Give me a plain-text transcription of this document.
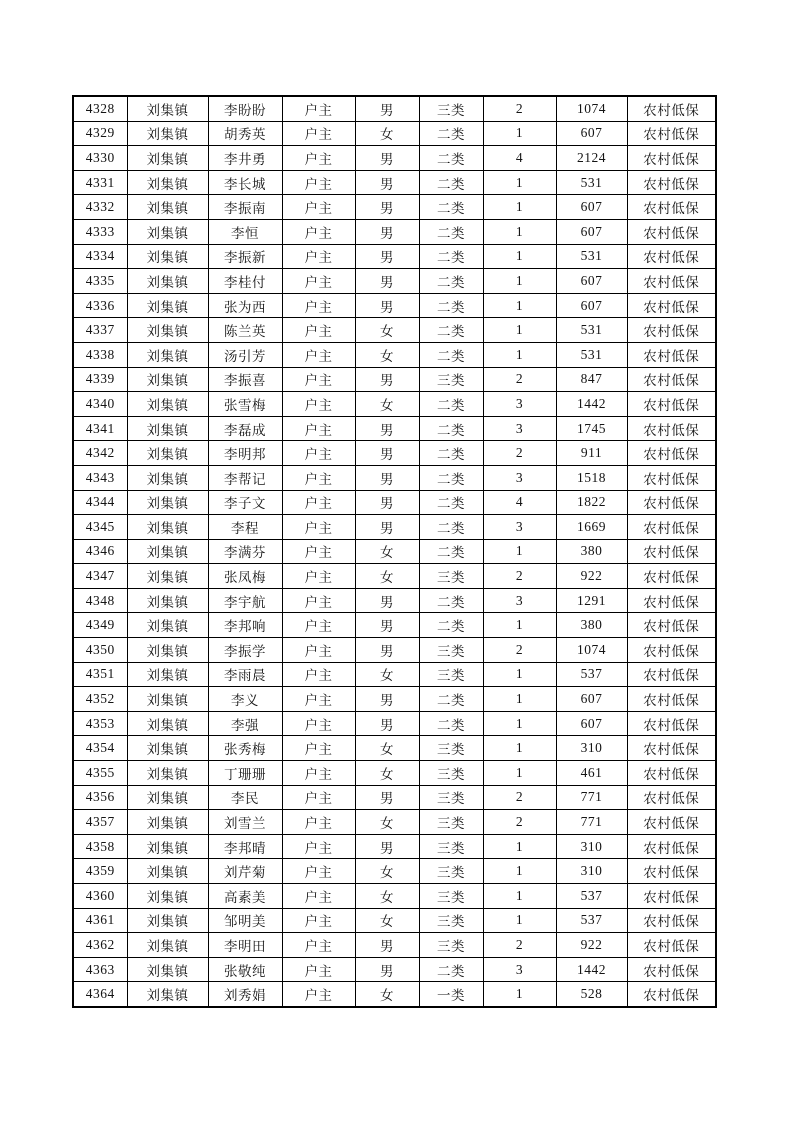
4328	刘集镇	李盼盼	户主	男	三类	2	1074	农村低保
4329	刘集镇	胡秀英	户主	女	二类	1	607	农村低保
4330	刘集镇	李井勇	户主	男	二类	4	2124	农村低保
4331	刘集镇	李长城	户主	男	二类	1	531	农村低保
4332	刘集镇	李振南	户主	男	二类	1	607	农村低保
4333	刘集镇	李恒	户主	男	二类	1	607	农村低保
4334	刘集镇	李振新	户主	男	二类	1	531	农村低保
4335	刘集镇	李桂付	户主	男	二类	1	607	农村低保
4336	刘集镇	张为西	户主	男	二类	1	607	农村低保
4337	刘集镇	陈兰英	户主	女	二类	1	531	农村低保
4338	刘集镇	汤引芳	户主	女	二类	1	531	农村低保
4339	刘集镇	李振喜	户主	男	三类	2	847	农村低保
4340	刘集镇	张雪梅	户主	女	二类	3	1442	农村低保
4341	刘集镇	李磊成	户主	男	二类	3	1745	农村低保
4342	刘集镇	李明邦	户主	男	二类	2	911	农村低保
4343	刘集镇	李帮记	户主	男	二类	3	1518	农村低保
4344	刘集镇	李子文	户主	男	二类	4	1822	农村低保
4345	刘集镇	李程	户主	男	二类	3	1669	农村低保
4346	刘集镇	李满芬	户主	女	二类	1	380	农村低保
4347	刘集镇	张凤梅	户主	女	三类	2	922	农村低保
4348	刘集镇	李宇航	户主	男	二类	3	1291	农村低保
4349	刘集镇	李邦响	户主	男	二类	1	380	农村低保
4350	刘集镇	李振学	户主	男	三类	2	1074	农村低保
4351	刘集镇	李雨晨	户主	女	三类	1	537	农村低保
4352	刘集镇	李义	户主	男	二类	1	607	农村低保
4353	刘集镇	李强	户主	男	二类	1	607	农村低保
4354	刘集镇	张秀梅	户主	女	三类	1	310	农村低保
4355	刘集镇	丁珊珊	户主	女	三类	1	461	农村低保
4356	刘集镇	李民	户主	男	三类	2	771	农村低保
4357	刘集镇	刘雪兰	户主	女	三类	2	771	农村低保
4358	刘集镇	李邦晴	户主	男	三类	1	310	农村低保
4359	刘集镇	刘芹菊	户主	女	三类	1	310	农村低保
4360	刘集镇	高素美	户主	女	三类	1	537	农村低保
4361	刘集镇	邹明美	户主	女	三类	1	537	农村低保
4362	刘集镇	李明田	户主	男	三类	2	922	农村低保
4363	刘集镇	张敬纯	户主	男	二类	3	1442	农村低保
4364	刘集镇	刘秀娟	户主	女	一类	1	528	农村低保
